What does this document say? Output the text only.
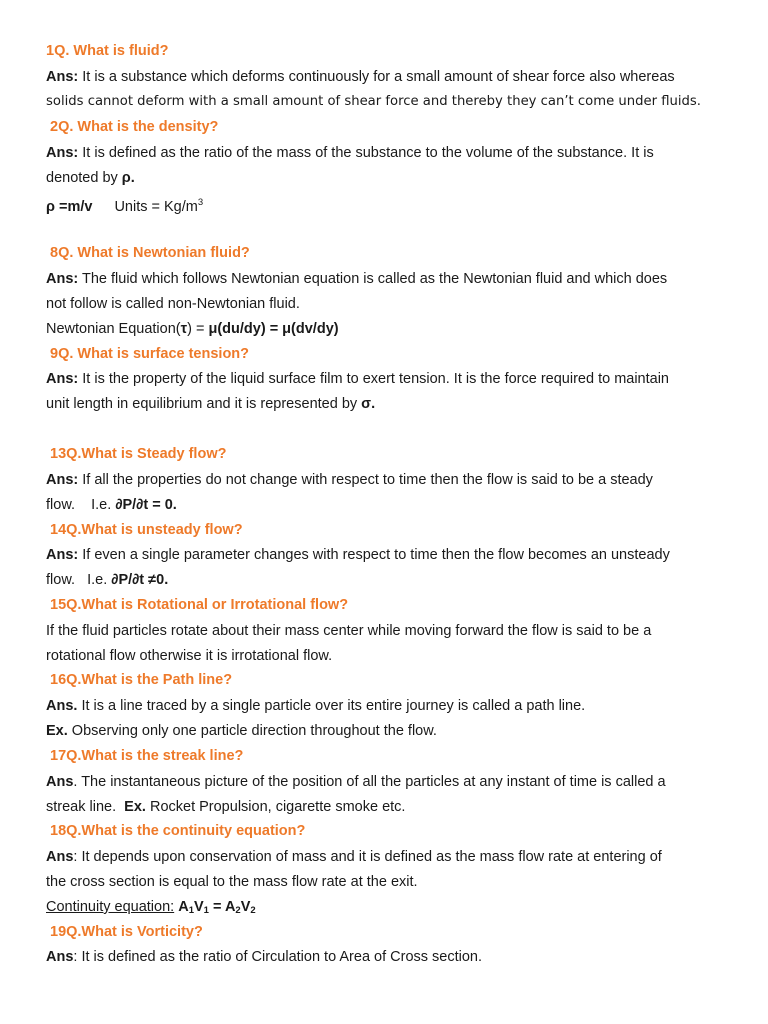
1Q. What is fluid?
Ans: It is a substance which deforms continuously for a small amount of shear force also whereas
solids cannot deform with a small amount of shear force and thereby they can’t come under fluids.
2Q. What is the density?
Ans: It is defined as the ratio of the mass of the substance to the volume of the substance. It is
denoted by ρ.
ρ =m/v Units = $Kg/m^3$
8Q. What is Newtonian fluid?
Ans: The fluid which follows Newtonian equation is called as the Newtonian fluid and which does
not follow is called non-Newtonian fluid.
Newtonian Equation(τ) = μ(du/dy) = μ(dv/dy)
9Q. What is surface tension?
Ans: It is the property of the liquid surface film to exert tension. It is the force required to maintain
unit length in equilibrium and it is represented by σ.
13Q.What is Steady flow?
Ans: If all the properties do not change with respect to time then the flow is said to be a steady
flow.    I.e. ∂P/∂t = 0.
14Q.What is unsteady flow?
Ans: If even a single parameter changes with respect to time then the flow becomes an unsteady
flow.   I.e. ∂P/∂t ≠0.
15Q.What is Rotational or Irrotational flow?
If the fluid particles rotate about their mass center while moving forward the flow is said to be a
rotational flow otherwise it is irrotational flow.
16Q.What is the Path line?
Ans. It is a line traced by a single particle over its entire journey is called a path line.
Ex. Observing only one particle direction throughout the flow.
17Q.What is the streak line?
Ans. The instantaneous picture of the position of all the particles at any instant of time is called a
streak line.  Ex. Rocket Propulsion, cigarette smoke etc.
18Q.What is the continuity equation?
Ans: It depends upon conservation of mass and it is defined as the mass flow rate at entering of
the cross section is equal to the mass flow rate at the exit.
Continuity equation: $A_1V_1 = A_2V_2$
19Q.What is Vorticity?
Ans: It is defined as the ratio of Circulation to Area of Cross section.
